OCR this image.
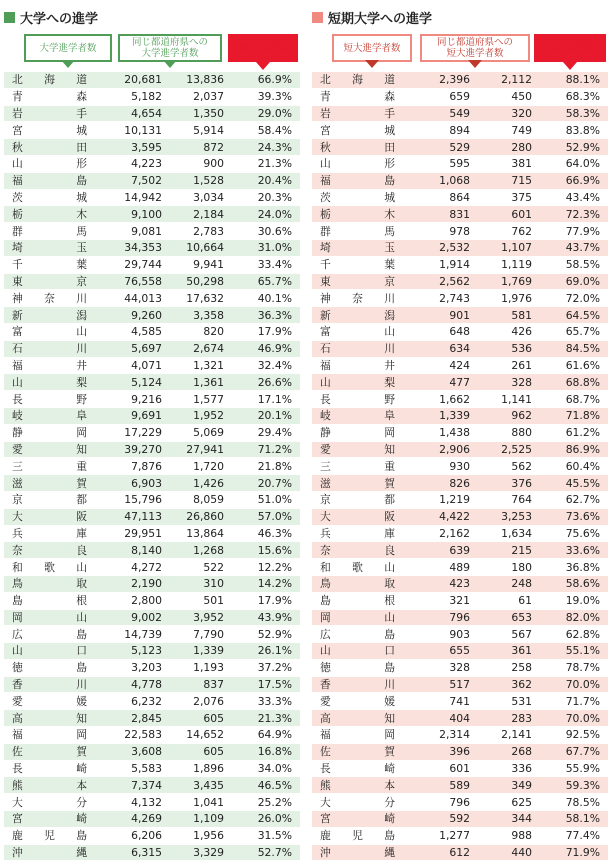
大学への進学
大学進学者数	同じ都道府県への
大学進学者数	地元進学率
北海道	20,681	13,836	66.9%
青森	5,182	2,037	39.3%
岩手	4,654	1,350	29.0%
宮城	10,131	5,914	58.4%
秋田	3,595	872	24.3%
山形	4,223	900	21.3%
福島	7,502	1,528	20.4%
茨城	14,942	3,034	20.3%
栃木	9,100	2,184	24.0%
群馬	9,081	2,783	30.6%
埼玉	34,353	10,664	31.0%
千葉	29,744	9,941	33.4%
東京	76,558	50,298	65.7%
神奈川	44,013	17,632	40.1%
新潟	9,260	3,358	36.3%
富山	4,585	820	17.9%
石川	5,697	2,674	46.9%
福井	4,071	1,321	32.4%
山梨	5,124	1,361	26.6%
長野	9,216	1,577	17.1%
岐阜	9,691	1,952	20.1%
静岡	17,229	5,069	29.4%
愛知	39,270	27,941	71.2%
三重	7,876	1,720	21.8%
滋賀	6,903	1,426	20.7%
京都	15,796	8,059	51.0%
大阪	47,113	26,860	57.0%
兵庫	29,951	13,864	46.3%
奈良	8,140	1,268	15.6%
和歌山	4,272	522	12.2%
鳥取	2,190	310	14.2%
島根	2,800	501	17.9%
岡山	9,002	3,952	43.9%
広島	14,739	7,790	52.9%
山口	5,123	1,339	26.1%
徳島	3,203	1,193	37.2%
香川	4,778	837	17.5%
愛媛	6,232	2,076	33.3%
高知	2,845	605	21.3%
福岡	22,583	14,652	64.9%
佐賀	3,608	605	16.8%
長崎	5,583	1,896	34.0%
熊本	7,374	3,435	46.5%
大分	4,132	1,041	25.2%
宮崎	4,269	1,109	26.0%
鹿児島	6,206	1,956	31.5%
沖縄	6,315	3,329	52.7%
短期大学への進学
短大進学者数	同じ都道府県への
短大進学者数	地元進学率
北海道	2,396	2,112	88.1%
青森	659	450	68.3%
岩手	549	320	58.3%
宮城	894	749	83.8%
秋田	529	280	52.9%
山形	595	381	64.0%
福島	1,068	715	66.9%
茨城	864	375	43.4%
栃木	831	601	72.3%
群馬	978	762	77.9%
埼玉	2,532	1,107	43.7%
千葉	1,914	1,119	58.5%
東京	2,562	1,769	69.0%
神奈川	2,743	1,976	72.0%
新潟	901	581	64.5%
富山	648	426	65.7%
石川	634	536	84.5%
福井	424	261	61.6%
山梨	477	328	68.8%
長野	1,662	1,141	68.7%
岐阜	1,339	962	71.8%
静岡	1,438	880	61.2%
愛知	2,906	2,525	86.9%
三重	930	562	60.4%
滋賀	826	376	45.5%
京都	1,219	764	62.7%
大阪	4,422	3,253	73.6%
兵庫	2,162	1,634	75.6%
奈良	639	215	33.6%
和歌山	489	180	36.8%
鳥取	423	248	58.6%
島根	321	61	19.0%
岡山	796	653	82.0%
広島	903	567	62.8%
山口	655	361	55.1%
徳島	328	258	78.7%
香川	517	362	70.0%
愛媛	741	531	71.7%
高知	404	283	70.0%
福岡	2,314	2,141	92.5%
佐賀	396	268	67.7%
長崎	601	336	55.9%
熊本	589	349	59.3%
大分	796	625	78.5%
宮崎	592	344	58.1%
鹿児島	1,277	988	77.4%
沖縄	612	440	71.9%
